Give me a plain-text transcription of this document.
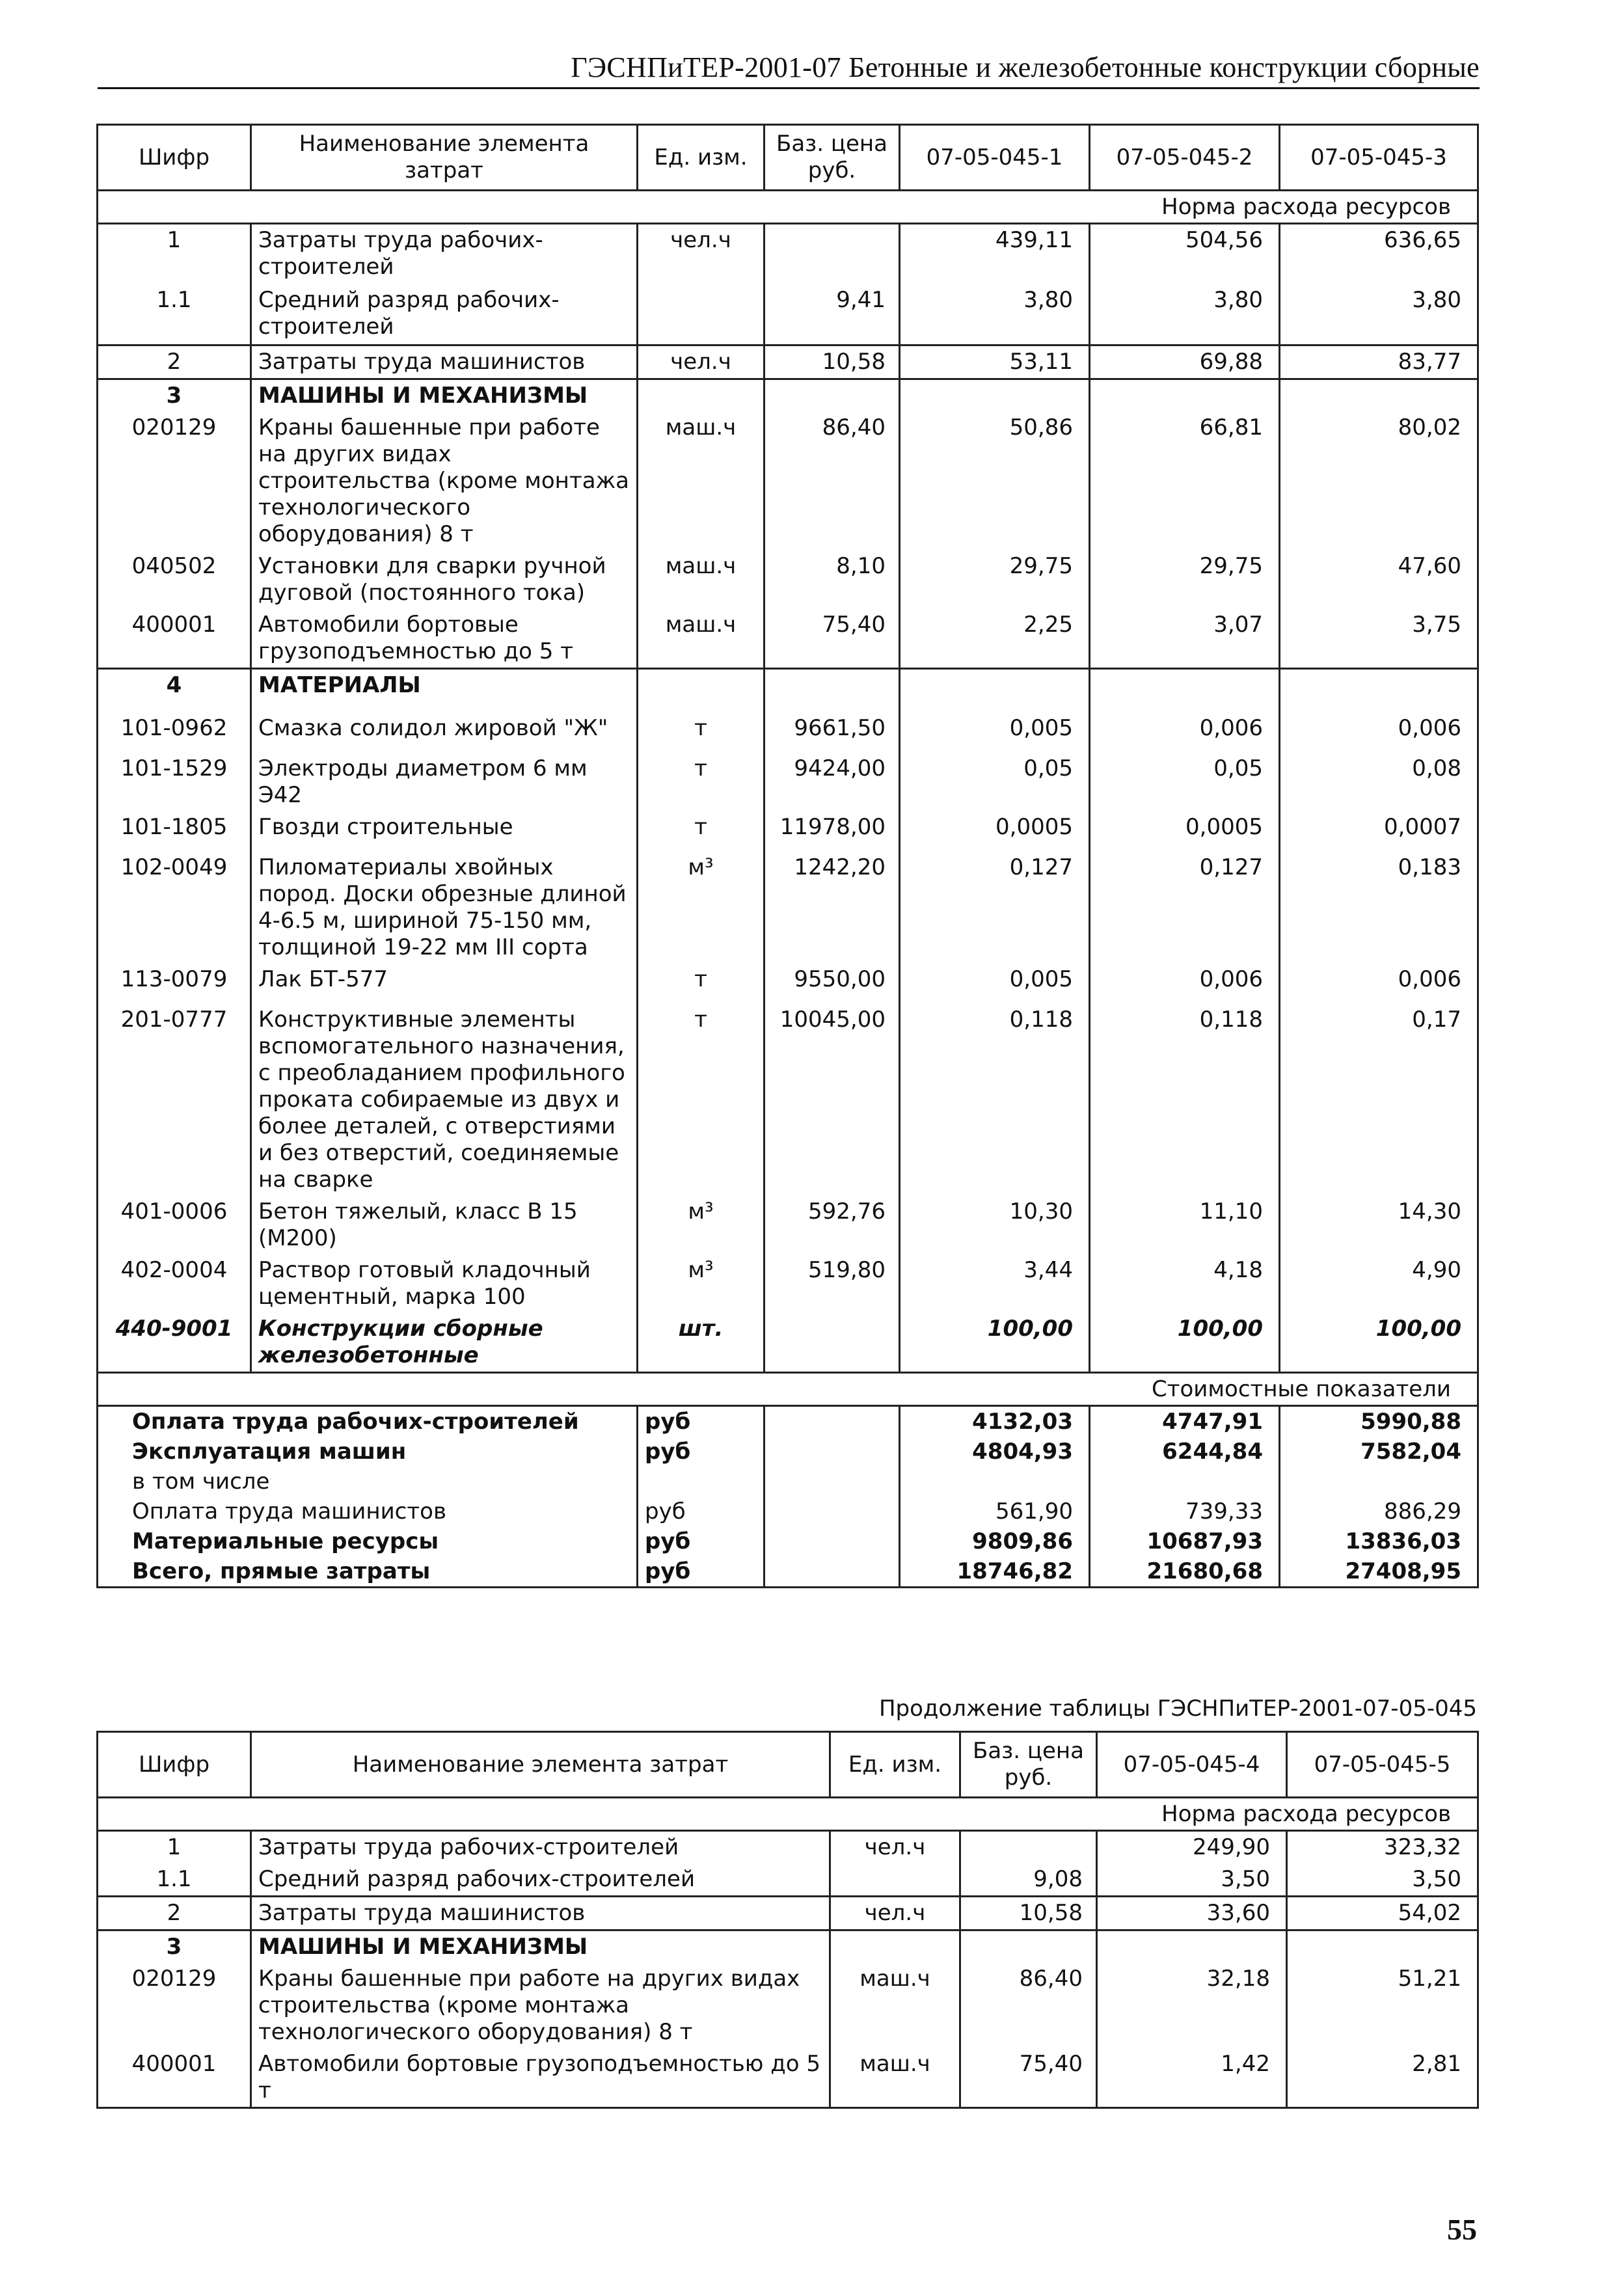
ГЭСНПиТЕР-2001-07 Бетонные и железобетонные конструкции сборные
Шифр	Наименование элемента затрат	Ед. изм.	Баз. цена руб.	07-05-045-1	07-05-045-2	07-05-045-3
Норма расхода ресурсов						
1	Затраты труда рабочих-строителей	чел.ч		439,11	504,56	636,65
1.1	Средний разряд рабочих-строителей		9,41	3,80	3,80	3,80
2	Затраты труда машинистов	чел.ч	10,58	53,11	69,88	83,77
3	МАШИНЫ И МЕХАНИЗМЫ					
020129	Краны башенные при работе на других видах строительства (кроме монтажа технологического оборудования) 8 т	маш.ч	86,40	50,86	66,81	80,02
040502	Установки для сварки ручной дуговой (постоянного тока)	маш.ч	8,10	29,75	29,75	47,60
400001	Автомобили бортовые грузоподъемностью до 5 т	маш.ч	75,40	2,25	3,07	3,75
4	МАТЕРИАЛЫ					
101-0962	Смазка солидол жировой "Ж"	т	9661,50	0,005	0,006	0,006
101-1529	Электроды диаметром 6 мм Э42	т	9424,00	0,05	0,05	0,08
101-1805	Гвозди строительные	т	11978,00	0,0005	0,0005	0,0007
102-0049	Пиломатериалы хвойных пород. Доски обрезные длиной 4-6.5 м, шириной 75-150 мм, толщиной 19-22 мм III сорта	м³	1242,20	0,127	0,127	0,183
113-0079	Лак БТ-577	т	9550,00	0,005	0,006	0,006
201-0777	Конструктивные элементы вспомогательного назначения, с преобладанием профильного проката собираемые из двух и более деталей, с отверстиями и без отверстий, соединяемые на сварке	т	10045,00	0,118	0,118	0,17
401-0006	Бетон тяжелый, класс В 15 (М200)	м³	592,76	10,30	11,10	14,30
402-0004	Раствор готовый кладочный цементный, марка 100	м³	519,80	3,44	4,18	4,90
440-9001	Конструкции сборные железобетонные	шт.		100,00	100,00	100,00
Стоимостные показатели						
Оплата труда рабочих-строителей		руб		4132,03	4747,91	5990,88
Эксплуатация машин		руб		4804,93	6244,84	7582,04
в том числе						
Оплата труда машинистов		руб		561,90	739,33	886,29
Материальные ресурсы		руб		9809,86	10687,93	13836,03
Всего, прямые затраты		руб		18746,82	21680,68	27408,95
Продолжение таблицы ГЭСНПиТЕР-2001-07-05-045
Шифр	Наименование элемента затрат	Ед. изм.	Баз. цена руб.	07-05-045-4	07-05-045-5
Норма расхода ресурсов					
1	Затраты труда рабочих-строителей	чел.ч		249,90	323,32
1.1	Средний разряд рабочих-строителей		9,08	3,50	3,50
2	Затраты труда машинистов	чел.ч	10,58	33,60	54,02
3	МАШИНЫ И МЕХАНИЗМЫ				
020129	Краны башенные при работе на других видах строительства (кроме монтажа технологического оборудования) 8 т	маш.ч	86,40	32,18	51,21
400001	Автомобили бортовые грузоподъемностью до 5 т	маш.ч	75,40	1,42	2,81
55
